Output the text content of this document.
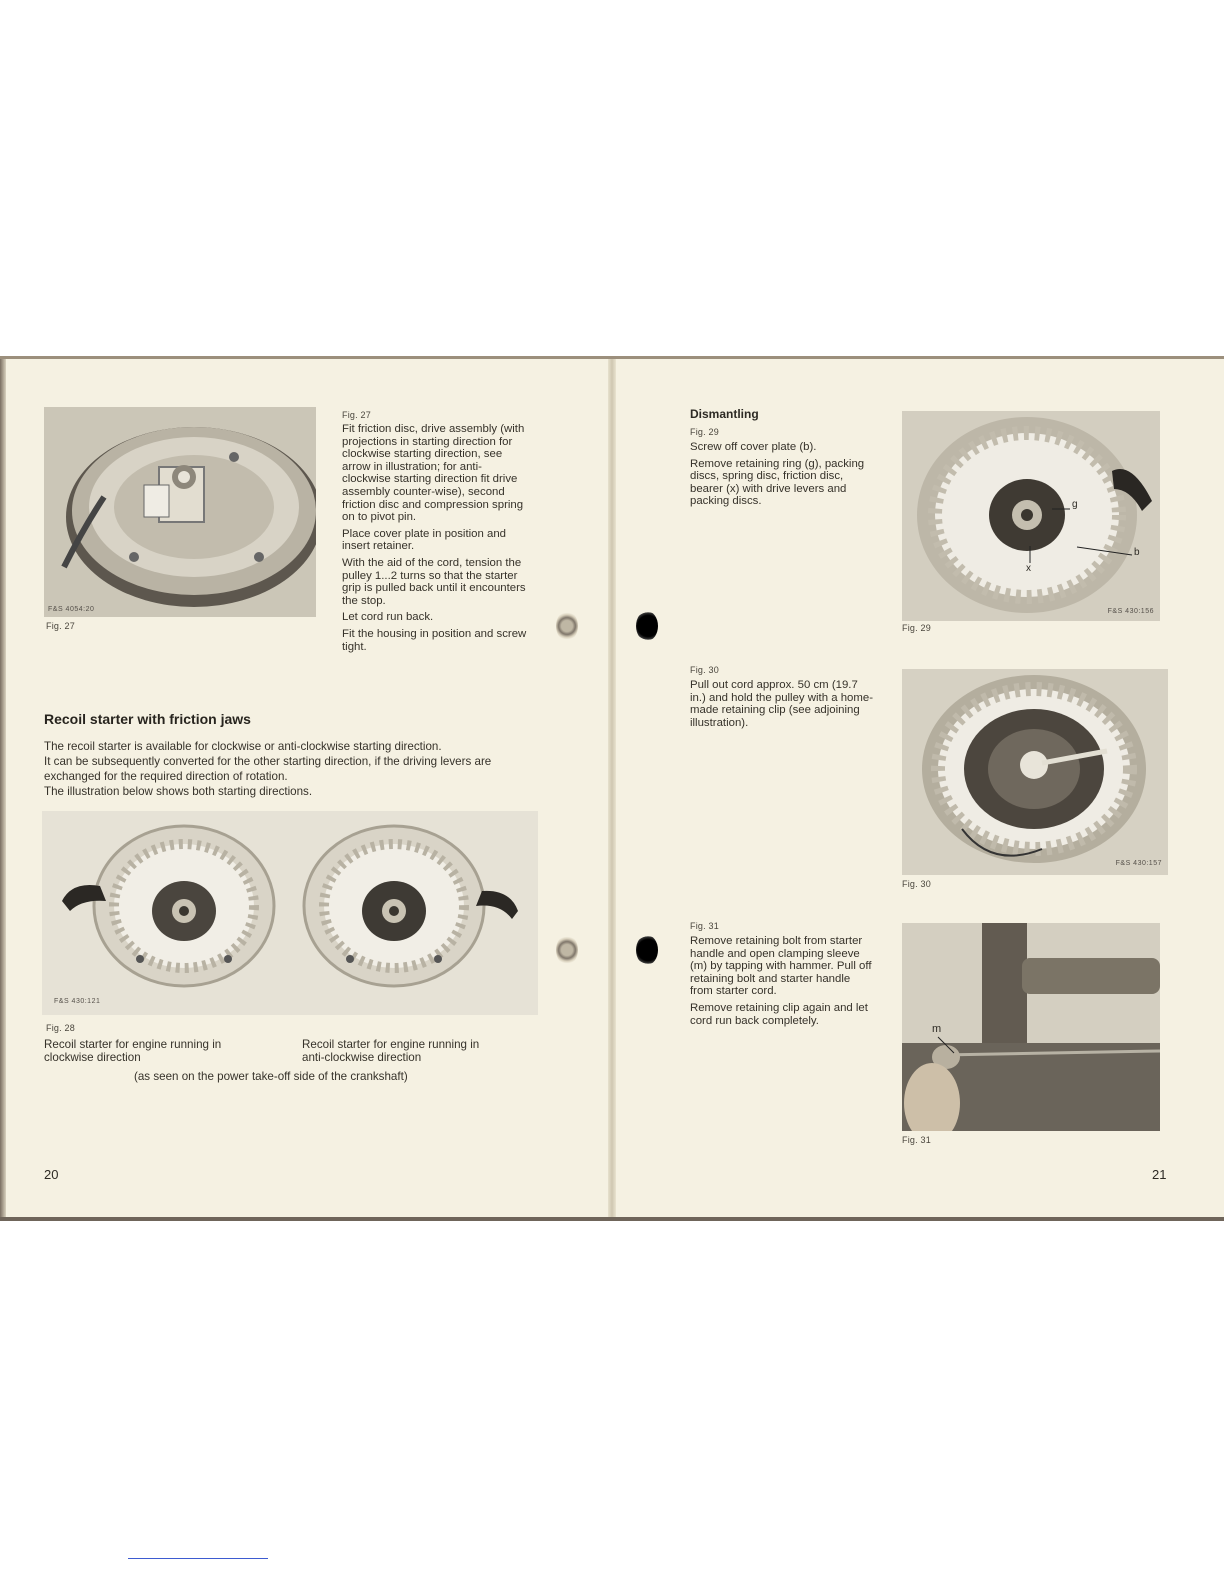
F&S 4054:20
Fig. 27
Fig. 27

Fit friction disc, drive assembly (with projections in starting direction for clockwise starting direction, see arrow in illustration; for anti-clockwise starting direction fit drive assembly counter-wise), second friction disc and compression spring on to pivot pin.

Place cover plate in position and insert retainer.

With the aid of the cord, tension the pulley 1...2 turns so that the starter grip is pulled back until it encounters the stop.

Let cord run back.

Fit the housing in position and screw tight.

Recoil starter with friction jaws
The recoil starter is available for clockwise or anti-clockwise starting direction.
It can be subsequently converted for the other starting direction, if the driving levers are exchanged for the required direction of rotation.
The illustration below shows both starting directions.
F&S 430:121
Fig. 28
Recoil starter for engine running in clockwise direction
Recoil starter for engine running in anti-clockwise direction
(as seen on the power take-off side of the crankshaft)
20
Dismantling
Fig. 29

Screw off cover plate (b).

Remove retaining ring (g), packing discs, spring disc, friction disc, bearer (x) with drive levers and packing discs.	g
b
x
F&S 430:156
Fig. 29
Fig. 30

Pull out cord approx. 50 cm (19.7 in.) and hold the pulley with a home-made retaining clip (see adjoining illustration).

F&S 430:157
Fig. 30
Fig. 31

Remove retaining bolt from starter handle and open clamping sleeve (m) by tapping with hammer. Pull off retaining bolt and starter handle from starter cord.

Remove retaining clip again and let cord run back completely.

m
Fig. 31
21
